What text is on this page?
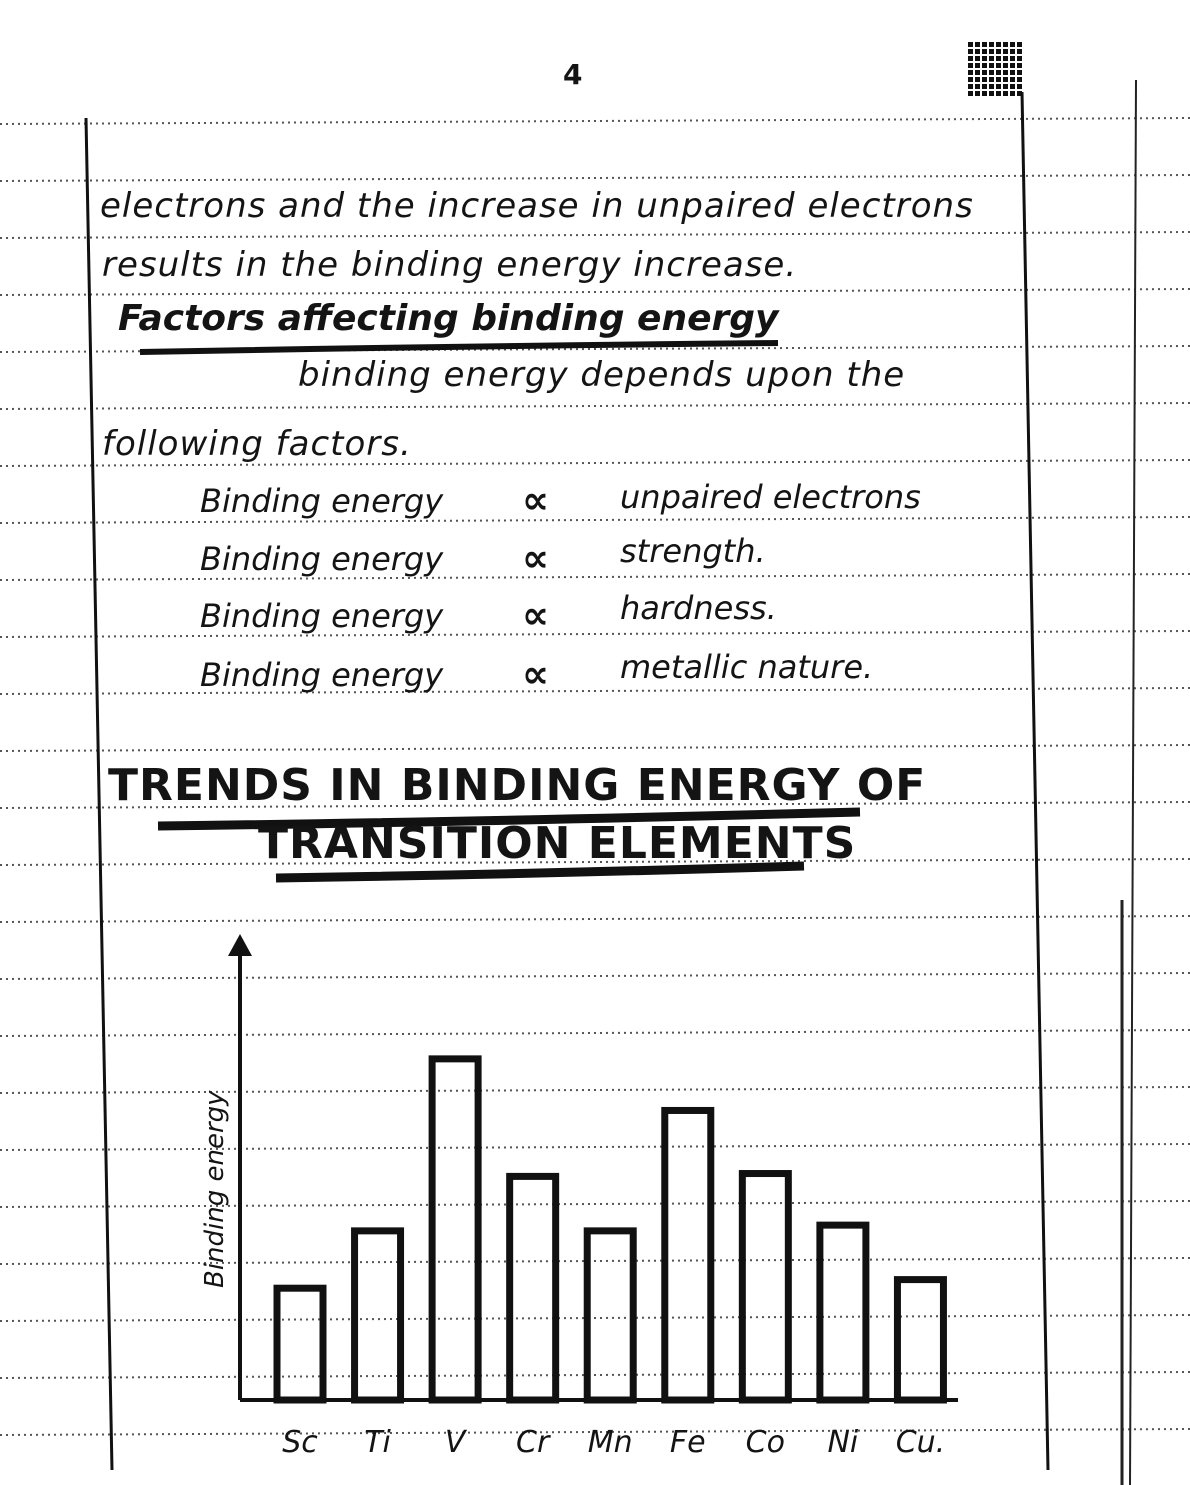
Sc Ti V Cr Mn Fe Co Ni Cu.
Binding energy
4
electrons and the increase in unpaired electrons
results in the binding energy increase.
Factors affecting binding energy
binding energy depends upon the
following factors.
Binding energy ∝ unpaired electrons
Binding energy ∝ strength.
Binding energy ∝ hardness.
Binding energy ∝ metallic nature.
TRENDS IN BINDING ENERGY OF
TRANSITION ELEMENTS
